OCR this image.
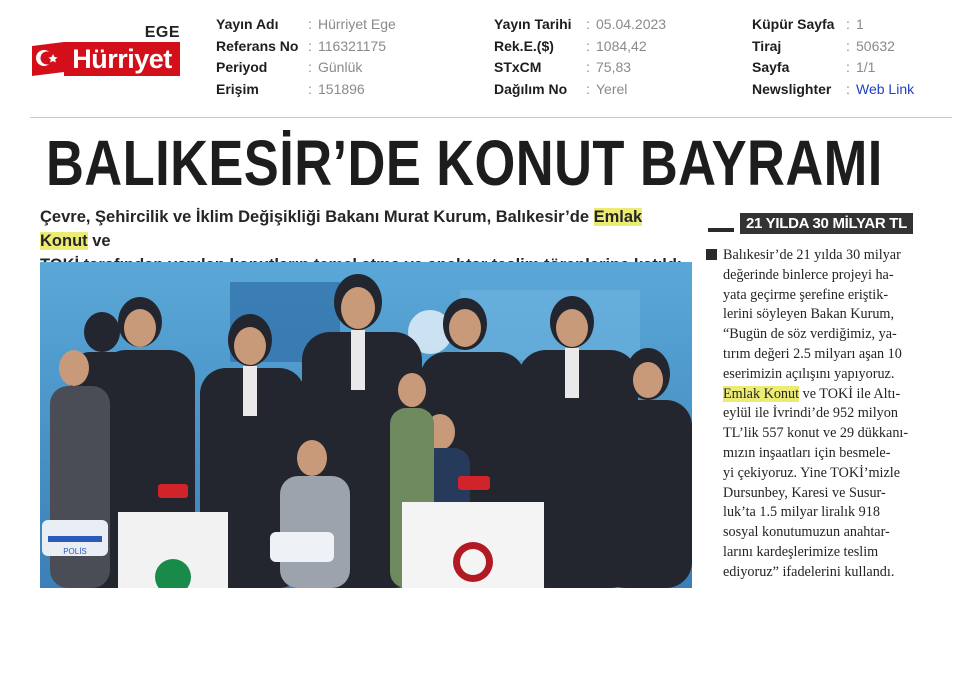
EGE
Hürriyet
Yayın Adı : Hürriyet Ege
Referans No : 116321175
Periyod	: Günlük
Erişim	: 151896
Yayın Tarihi : 05.04.2023
Rek.E.($) : 1084,42
STxCM	: 75,83
Dağılım No : Yerel
Küpür Sayfa : 1
Tiraj	: 50632
Sayfa	: 1/1
Newslighter : Web Link
BALIKESİR’DE KONUT BAYRAMI
Çevre, Şehircilik ve İklim Değişikliği Bakanı Murat Kurum, Balıkesir’de Emlak Konut ve

POLİS
21 YILDA 30 MİLYAR TL
Balıkesir’de 21 yılda 30 milyar
değerinde binlerce projeyi ha-
yata geçirme şerefine eriştik-
lerini söyleyen Bakan Kurum,
“Bugün de söz verdiğimiz, ya-
tırım değeri 2.5 milyarı aşan 10
eserimizin açılışını yapıyoruz.
Emlak Konut ve TOKİ ile Altı-
eylül ile İvrindi’de 952 milyon
TL’lik 557 konut ve 29 dükkanı-
mızın inşaatları için besmele-
yi çekiyoruz. Yine TOKİ’mizle
Dursunbey, Karesi ve Susur-
luk’ta 1.5 milyar liralık 918
sosyal konutumuzun anahtar-
larını kardeşlerimize teslim
ediyoruz” ifadelerini kullandı.
